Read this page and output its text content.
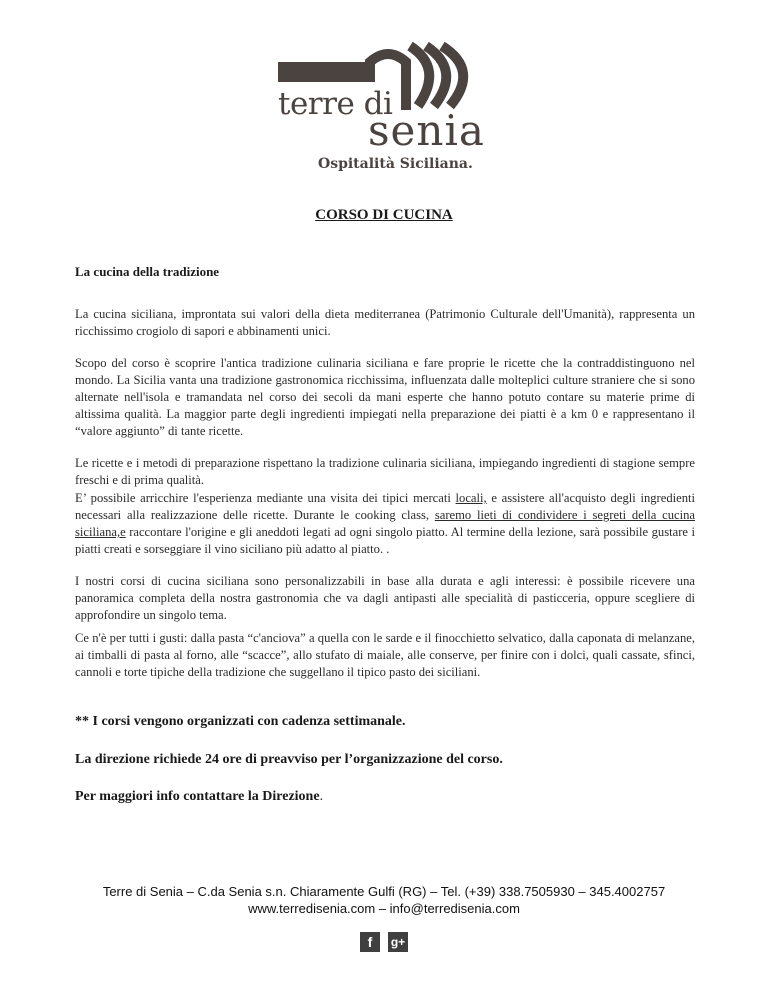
terre di
senia
Ospitalità Siciliana.
CORSO DI CUCINA
La cucina della tradizione

La cucina siciliana, improntata sui valori della dieta mediterranea (Patrimonio Culturale dell'Umanità), rappresenta un ricchissimo crogiolo di sapori e abbinamenti unici.

Scopo del corso è scoprire l'antica tradizione culinaria siciliana e fare proprie le ricette che la contraddistinguono nel mondo. La Sicilia vanta una tradizione gastronomica ricchissima, influenzata dalle molteplici culture straniere che si sono alternate nell'isola e tramandata nel corso dei secoli da mani esperte che hanno potuto contare su materie prime di altissima qualità. La maggior parte degli ingredienti impiegati nella preparazione dei piatti è a km 0 e rappresentano il “valore aggiunto” di tante ricette.

Le ricette e i metodi di preparazione rispettano la tradizione culinaria siciliana, impiegando ingredienti di stagione sempre freschi e di prima qualità.

E’ possibile arricchire l'esperienza mediante una visita dei tipici mercati locali, e assistere all'acquisto degli ingredienti necessari alla realizzazione delle ricette. Durante le cooking class, saremo lieti di condividere i segreti della cucina siciliana,e raccontare l'origine e gli aneddoti legati ad ogni singolo piatto. Al termine della lezione, sarà possibile gustare i piatti creati e sorseggiare il vino siciliano più adatto al piatto. .

I nostri corsi di cucina siciliana sono personalizzabili in base alla durata e agli interessi: è possibile ricevere una panoramica completa della nostra gastronomia che va dagli antipasti alle specialità di pasticceria, oppure scegliere di approfondire un singolo tema.

Ce n'è per tutti i gusti: dalla pasta “c'anciova” a quella con le sarde e il finocchietto selvatico, dalla caponata di melanzane, ai timballi di pasta al forno, alle “scacce”, allo stufato di maiale, alle conserve, per finire con i dolci, quali cassate, sfinci, cannoli e torte tipiche della tradizione che suggellano il tipico pasto dei siciliani.

** I corsi vengono organizzati con cadenza settimanale.
La direzione richiede 24 ore di preavviso per l’organizzazione del corso.
Per maggiori info contattare la Direzione.
Terre di Senia – C.da Senia s.n. Chiaramente Gulfi (RG) – Tel. (+39) 338.7505930 – 345.4002757
www.terredisenia.com – info@terredisenia.com
f g+
